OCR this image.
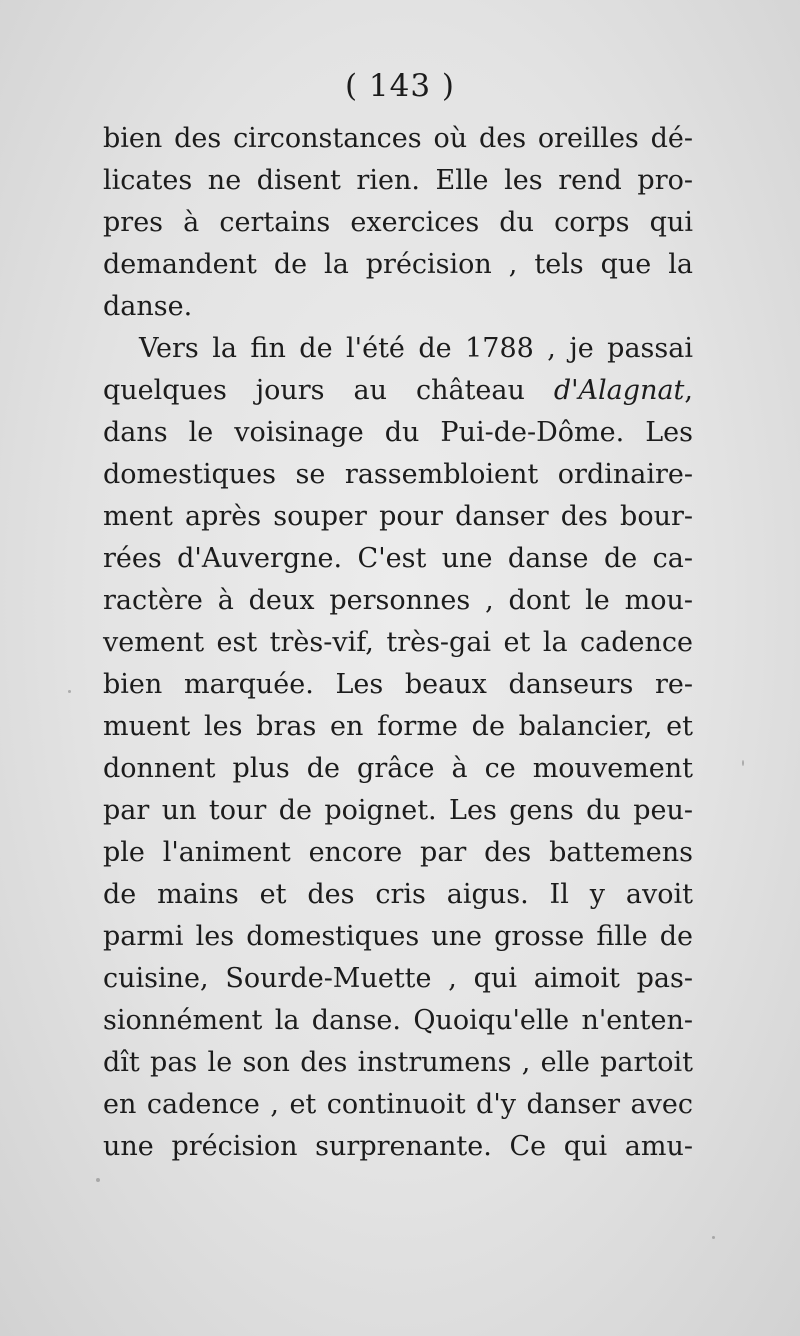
( 143 )
bien des circonstances où des oreilles dé-
licates ne disent rien. Elle les rend pro-
pres à certains exercices du corps qui
demandent de la précision , tels que la
danse.
Vers la fin de l'été de 1788 , je passai
quelques jours au château d'Alagnat,
dans le voisinage du Pui-de-Dôme. Les
domestiques se rassembloient ordinaire-
ment après souper pour danser des bour-
rées d'Auvergne. C'est une danse de ca-
ractère à deux personnes , dont le mou-
vement est très-vif, très-gai et la cadence
bien marquée. Les beaux danseurs re-
muent les bras en forme de balancier, et
donnent plus de grâce à ce mouvement
par un tour de poignet. Les gens du peu-
ple l'animent encore par des battemens
de mains et des cris aigus. Il y avoit
parmi les domestiques une grosse fille de
cuisine, Sourde-Muette , qui aimoit pas-
sionnément la danse. Quoiqu'elle n'enten-
dît pas le son des instrumens , elle partoit
en cadence , et continuoit d'y danser avec
une précision surprenante. Ce qui amu-
